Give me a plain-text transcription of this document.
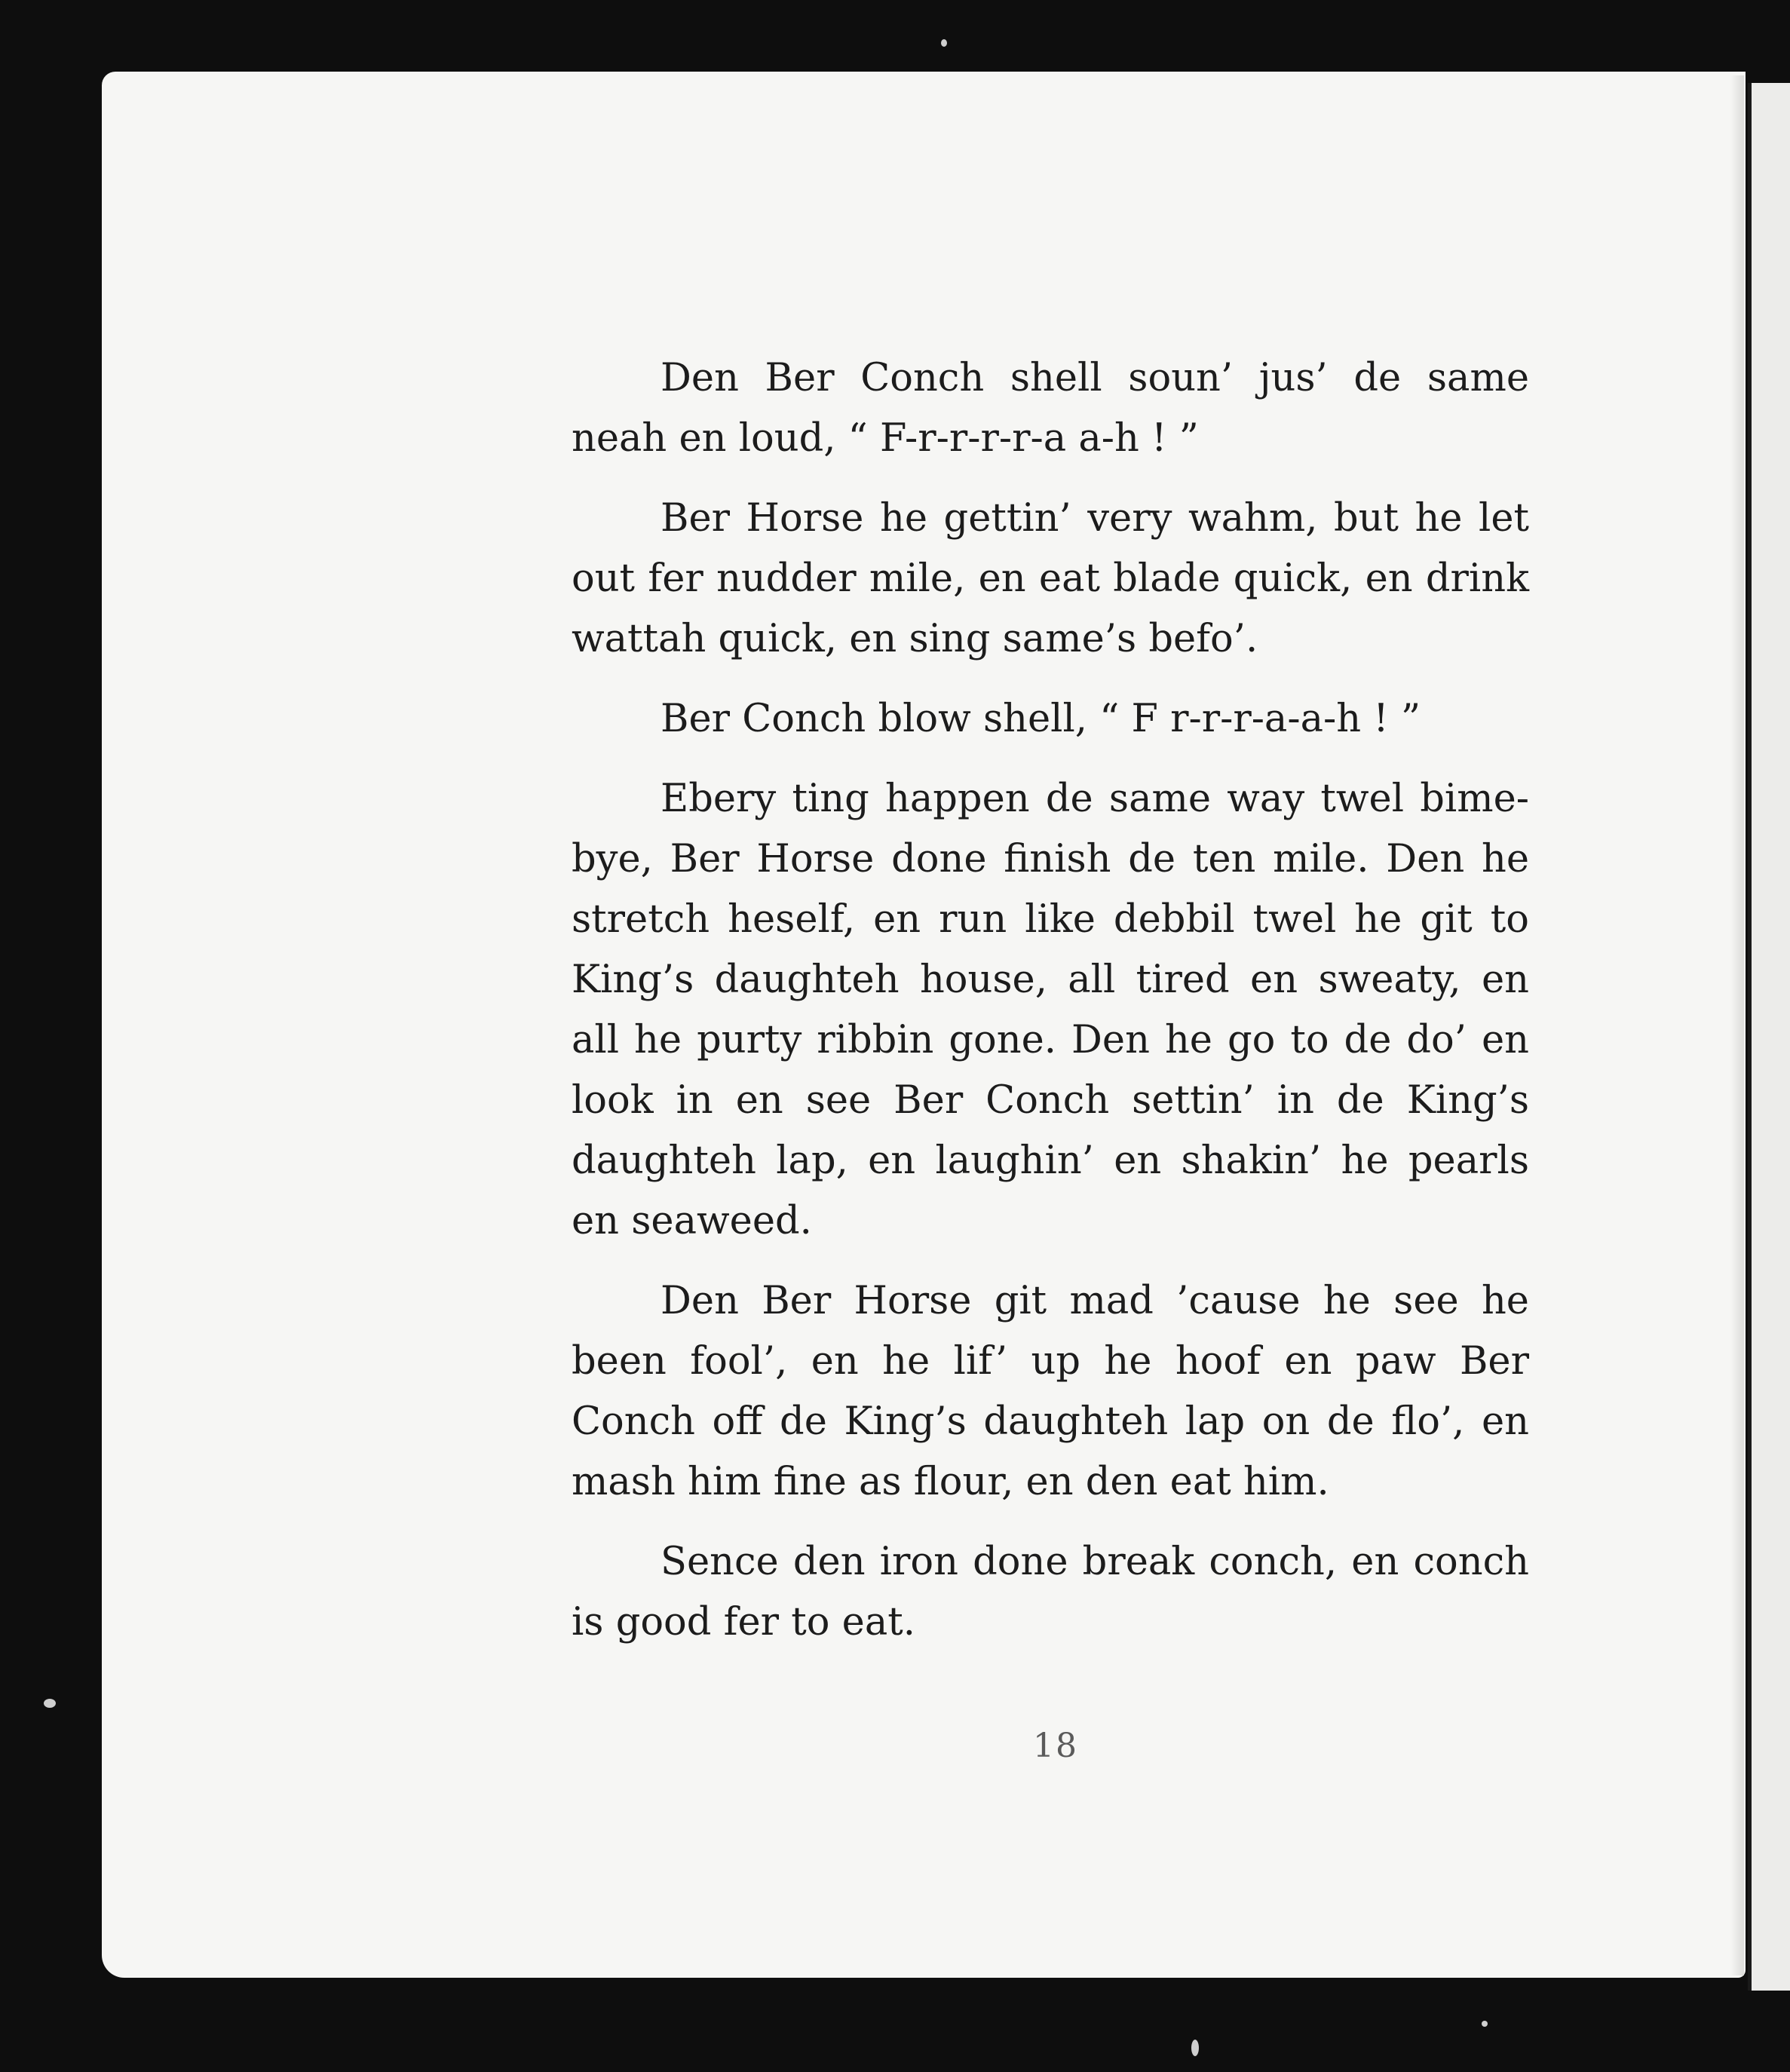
Den Ber Conch shell soun’ jus’ de same neah en loud, “ F-r-r-r-r-a a-h ! ”

Ber Horse he gettin’ very wahm, but he let out fer nudder mile, en eat blade quick, en drink wattah quick, en sing same’s befo’.

Ber Conch blow shell, “ F r-r-r-a-a-h ! ”

Ebery ting happen de same way twel bime-bye, Ber Horse done finish de ten mile. Den he stretch heself, en run like debbil twel he git to King’s daughteh house, all tired en sweaty, en all he purty ribbin gone. Den he go to de do’ en look in en see Ber Conch settin’ in de King’s daughteh lap, en laughin’ en shakin’ he pearls en seaweed.

Den Ber Horse git mad ’cause he see he been fool’, en he lif’ up he hoof en paw Ber Conch off de King’s daughteh lap on de flo’, en mash him fine as flour, en den eat him.

Sence den iron done break conch, en conch is good fer to eat.

18
